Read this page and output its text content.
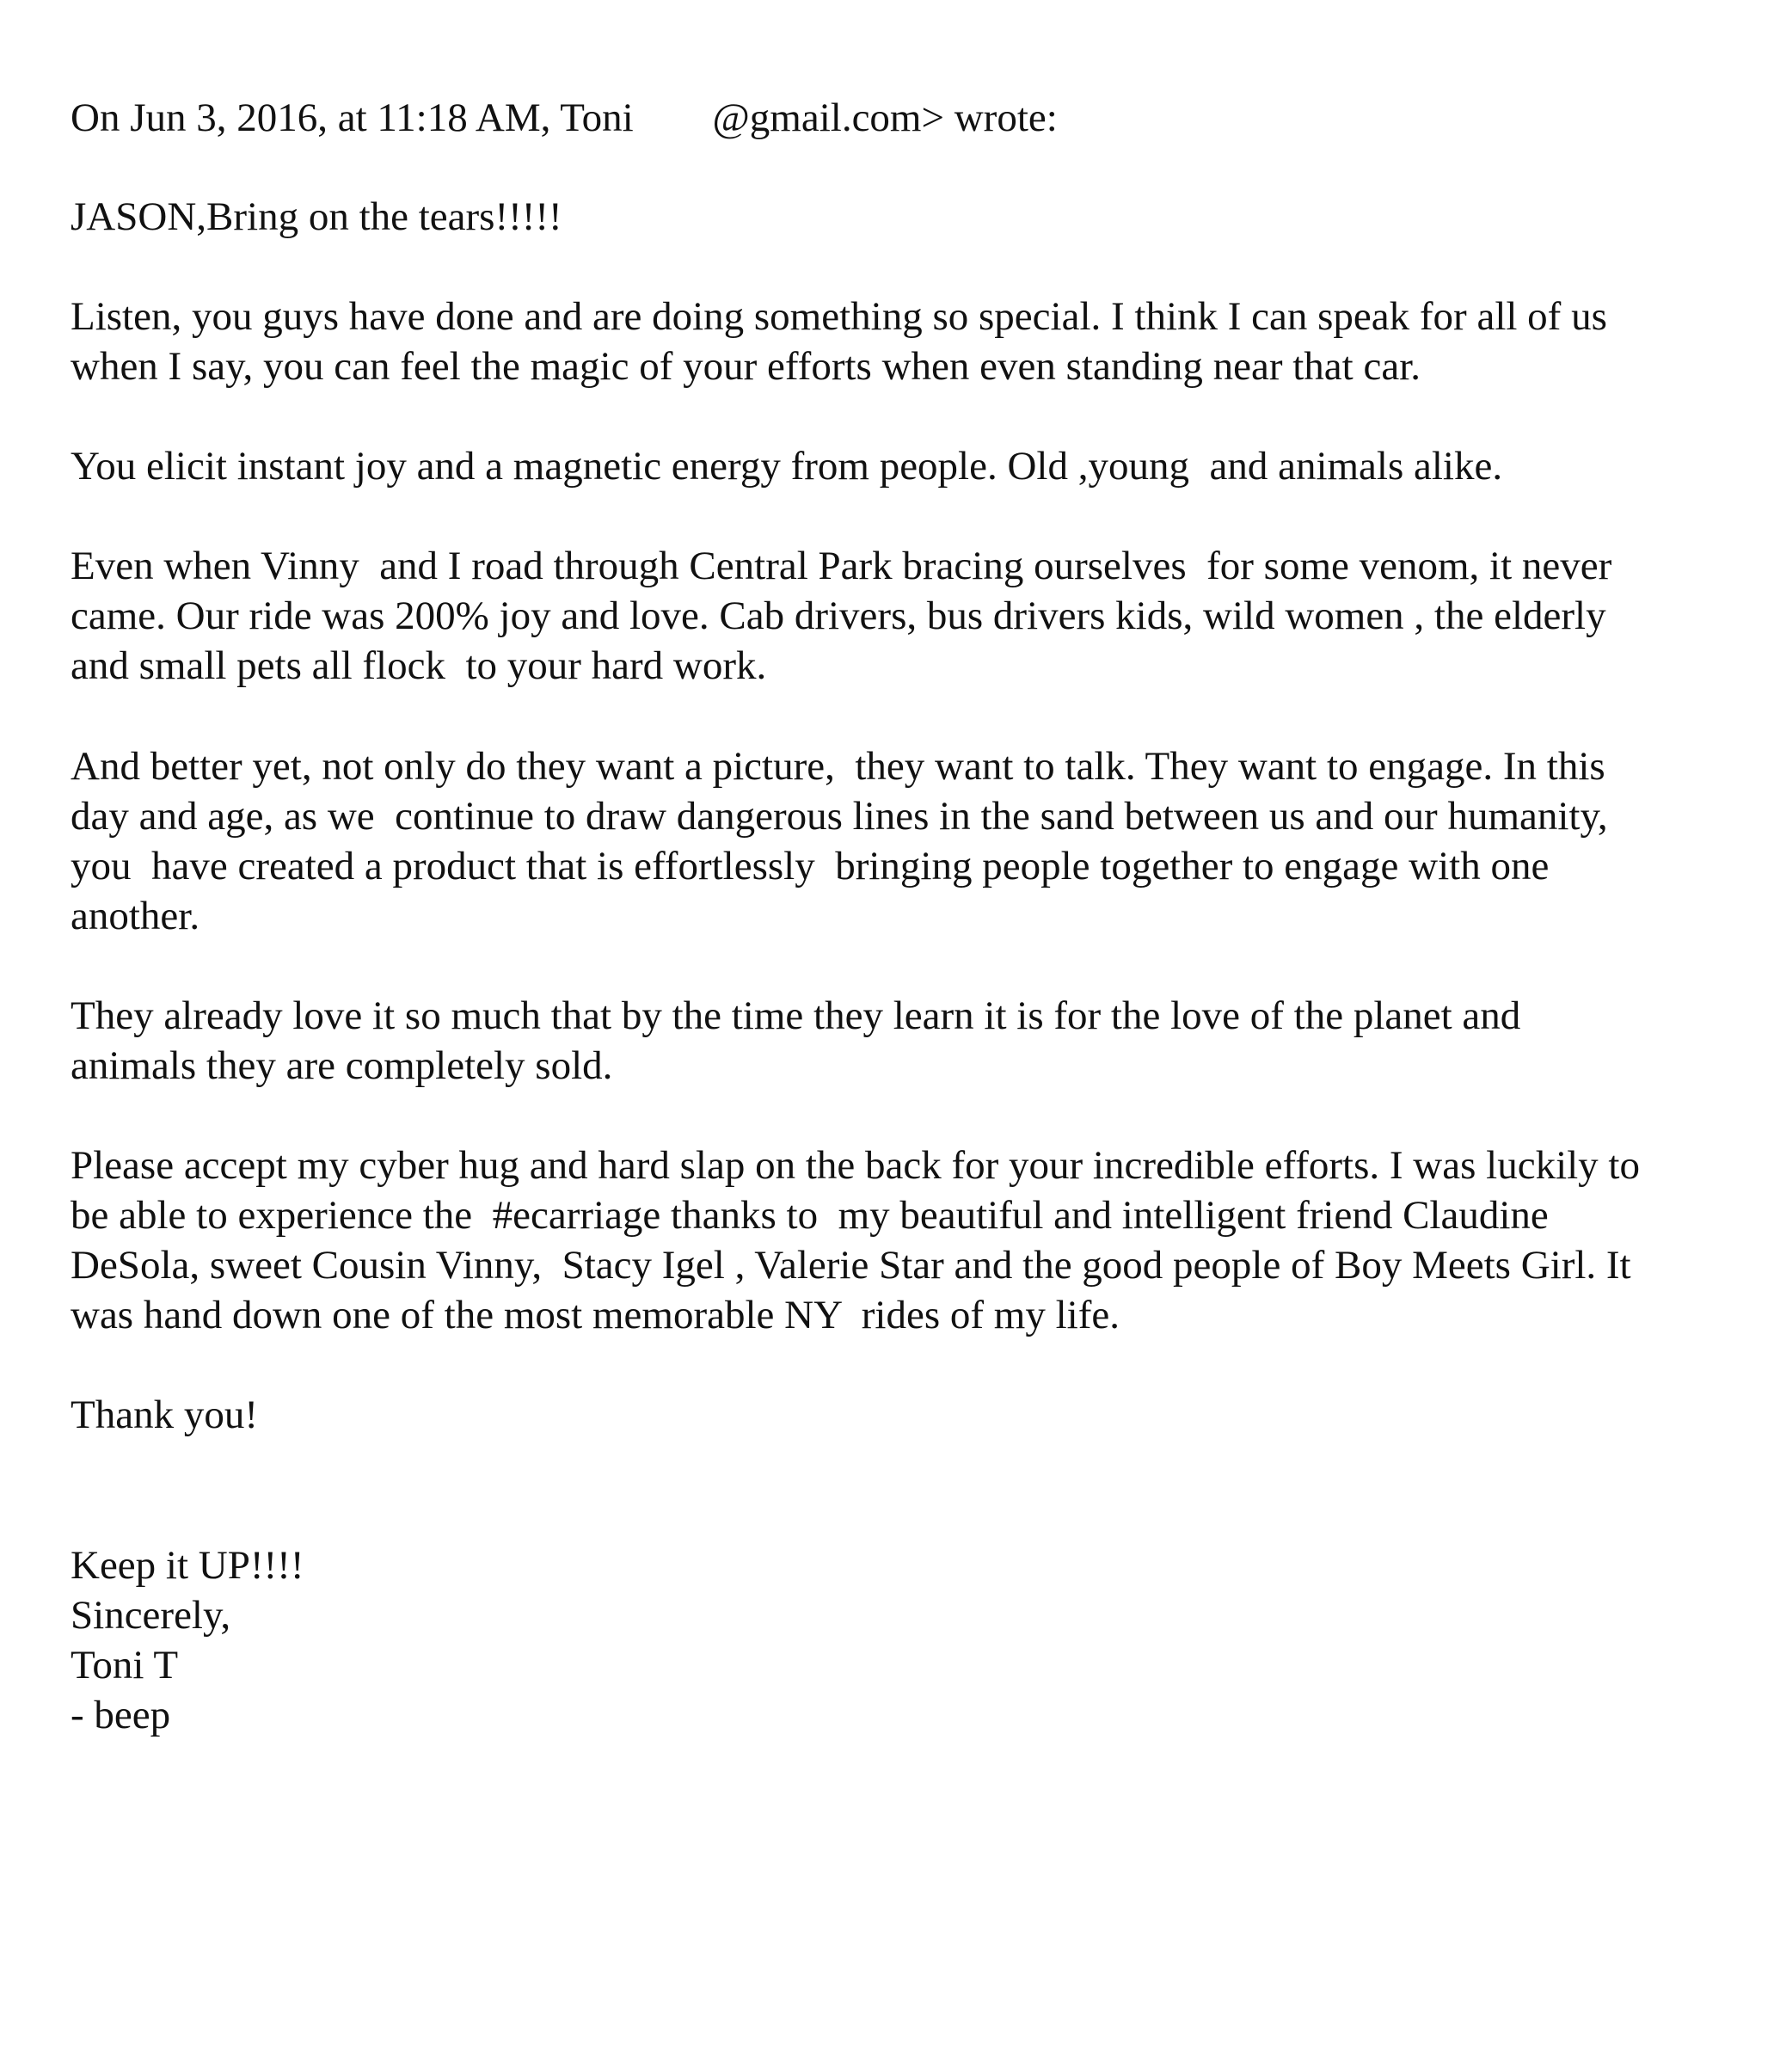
On Jun 3, 2016, at 11:18 AM, Toni @gmail.com> wrote:
JASON,Bring on the tears!!!!!
Listen, you guys have done and are doing something so special. I think I can speak for all of us
when I say, you can feel the magic of your efforts when even standing near that car.
You elicit instant joy and a magnetic energy from people. Old ,young  and animals alike.
Even when Vinny  and I road through Central Park bracing ourselves  for some venom, it never
came. Our ride was 200% joy and love. Cab drivers, bus drivers kids, wild women , the elderly
and small pets all flock  to your hard work.
And better yet, not only do they want a picture,  they want to talk. They want to engage. In this
day and age, as we  continue to draw dangerous lines in the sand between us and our humanity,
you  have created a product that is effortlessly  bringing people together to engage with one
another.
They already love it so much that by the time they learn it is for the love of the planet and
animals they are completely sold.
Please accept my cyber hug and hard slap on the back for your incredible efforts. I was luckily to
be able to experience the  #ecarriage thanks to  my beautiful and intelligent friend Claudine
DeSola, sweet Cousin Vinny,  Stacy Igel , Valerie Star and the good people of Boy Meets Girl. It
was hand down one of the most memorable NY  rides of my life.
Thank you!
Keep it UP!!!!
Sincerely,
Toni T
- beep
